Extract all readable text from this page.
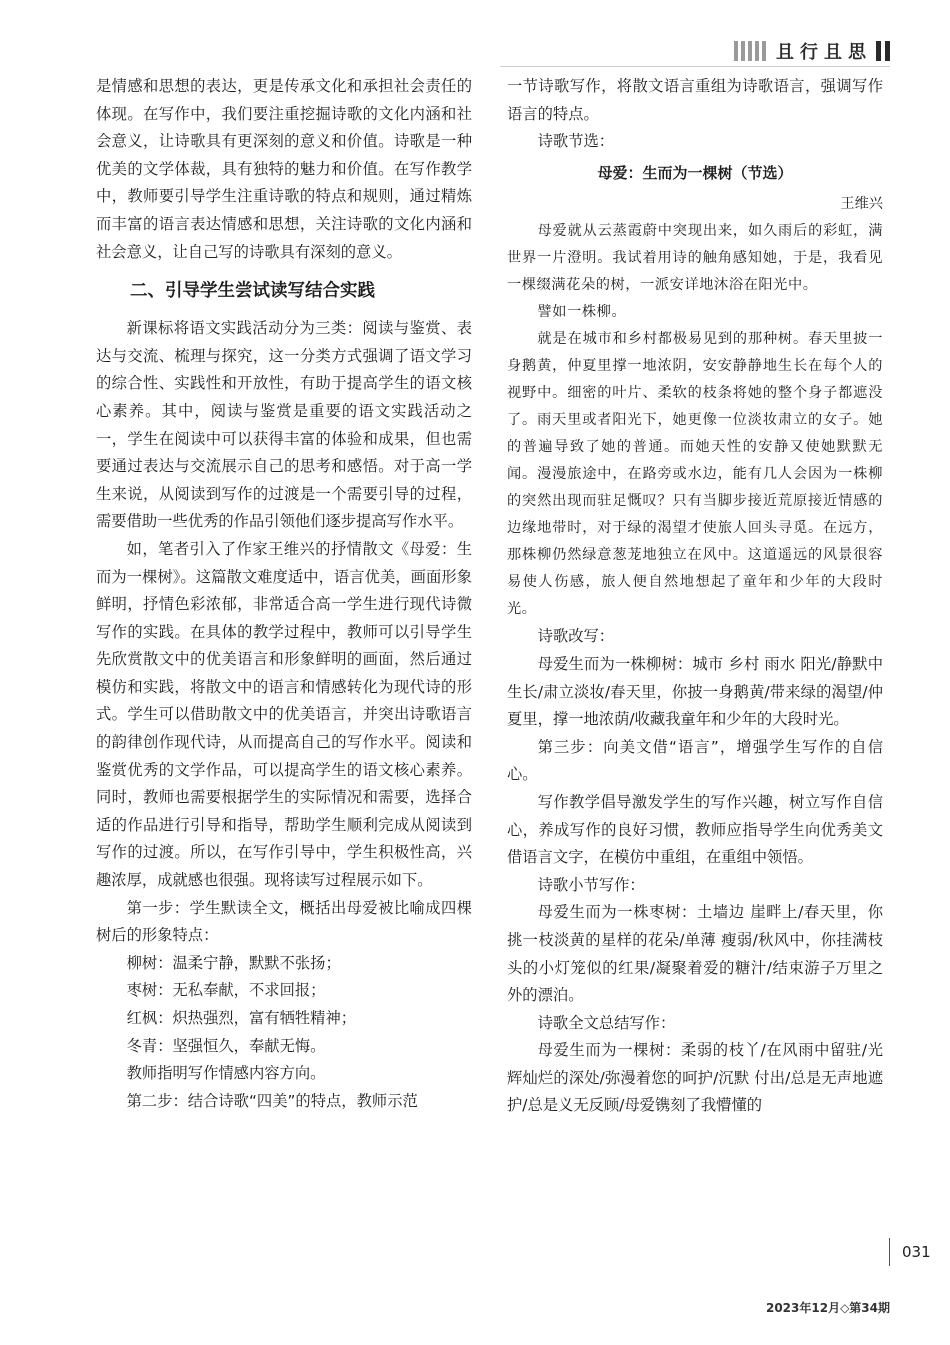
且行且思

是情感和思想的表达，更是传承文化和承担社会责任的体现。在写作中，我们要注重挖掘诗歌的文化内涵和社会意义，让诗歌具有更深刻的意义和价值。诗歌是一种优美的文学体裁，具有独特的魅力和价值。在写作教学中，教师要引导学生注重诗歌的特点和规则，通过精炼而丰富的语言表达情感和思想，关注诗歌的文化内涵和社会意义，让自己写的诗歌具有深刻的意义。

二、引导学生尝试读写结合实践

新课标将语文实践活动分为三类：阅读与鉴赏、表达与交流、梳理与探究，这一分类方式强调了语文学习的综合性、实践性和开放性，有助于提高学生的语文核心素养。其中，阅读与鉴赏是重要的语文实践活动之一，学生在阅读中可以获得丰富的体验和成果，但也需要通过表达与交流展示自己的思考和感悟。对于高一学生来说，从阅读到写作的过渡是一个需要引导的过程，需要借助一些优秀的作品引领他们逐步提高写作水平。

如，笔者引入了作家王维兴的抒情散文《母爱：生而为一棵树》。这篇散文难度适中，语言优美，画面形象鲜明，抒情色彩浓郁，非常适合高一学生进行现代诗微写作的实践。在具体的教学过程中，教师可以引导学生先欣赏散文中的优美语言和形象鲜明的画面，然后通过模仿和实践，将散文中的语言和情感转化为现代诗的形式。学生可以借助散文中的优美语言，并突出诗歌语言的韵律创作现代诗，从而提高自己的写作水平。阅读和鉴赏优秀的文学作品，可以提高学生的语文核心素养。同时，教师也需要根据学生的实际情况和需要，选择合适的作品进行引导和指导，帮助学生顺利完成从阅读到写作的过渡。所以，在写作引导中，学生积极性高，兴趣浓厚，成就感也很强。现将读写过程展示如下。

第一步：学生默读全文，概括出母爱被比喻成四棵树后的形象特点：

柳树：温柔宁静，默默不张扬；

枣树：无私奉献，不求回报；

红枫：炽热强烈，富有牺牲精神；

冬青：坚强恒久，奉献无悔。

教师指明写作情感内容方向。

第二步：结合诗歌“四美”的特点，教师示范

一节诗歌写作，将散文语言重组为诗歌语言，强调写作语言的特点。

诗歌节选：

母爱：生而为一棵树（节选）

王维兴

母爱就从云蒸霞蔚中突现出来，如久雨后的彩虹，满世界一片澄明。我试着用诗的触角感知她，于是，我看见一棵缀满花朵的树，一派安详地沐浴在阳光中。

譬如一株柳。

就是在城市和乡村都极易见到的那种树。春天里披一身鹅黄，仲夏里撑一地浓阴，安安静静地生长在每个人的视野中。细密的叶片、柔软的枝条将她的整个身子都遮没了。雨天里或者阳光下，她更像一位淡妆肃立的女子。她的普遍导致了她的普通。而她天性的安静又使她默默无闻。漫漫旅途中，在路旁或水边，能有几人会因为一株柳的突然出现而驻足慨叹？只有当脚步接近荒原接近情感的边缘地带时，对于绿的渴望才使旅人回头寻觅。在远方，那株柳仍然绿意葱茏地独立在风中。这道遥远的风景很容易使人伤感，旅人便自然地想起了童年和少年的大段时光。

诗歌改写：

母爱生而为一株柳树：城市 乡村 雨水 阳光/静默中生长/肃立淡妆/春天里，你披一身鹅黄/带来绿的渴望/仲夏里，撑一地浓荫/收藏我童年和少年的大段时光。

第三步：向美文借“语言”，增强学生写作的自信心。

写作教学倡导激发学生的写作兴趣，树立写作自信心，养成写作的良好习惯，教师应指导学生向优秀美文借语言文字，在模仿中重组，在重组中领悟。

诗歌小节写作：

母爱生而为一株枣树：土墙边 崖畔上/春天里，你挑一枝淡黄的星样的花朵/单薄 瘦弱/秋风中，你挂满枝头的小灯笼似的红果/凝聚着爱的糖汁/结束游子万里之外的漂泊。

诗歌全文总结写作：

母爱生而为一棵树：柔弱的枝丫/在风雨中留驻/光辉灿烂的深处/弥漫着您的呵护/沉默 付出/总是无声地遮护/总是义无反顾/母爱镌刻了我懵懂的

031
2023年12月◇第34期
